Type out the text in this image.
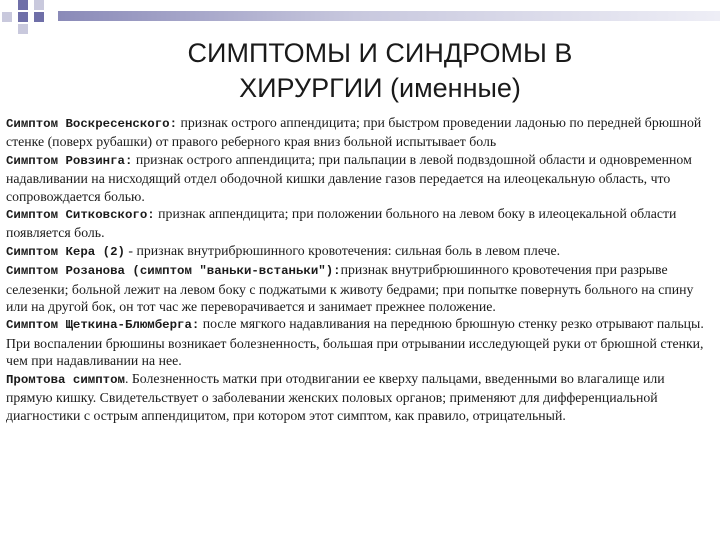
СИМПТОМЫ И СИНДРОМЫ В
ХИРУРГИИ (именные)

Симптом Воскресенского: признак острого аппендицита; при быстром проведении ладонью по передней брюшной стенке (поверх рубашки) от правого реберного края вниз больной испытывает боль

Симптом Ровзинга: признак острого аппендицита; при пальпации в левой подвздошной области и одновременном надавливании на нисходящий отдел ободочной кишки давление газов передается на илеоцекальную область, что сопровождается болью.

Симптом Ситковского: признак аппендицита; при положении больного на левом боку в илеоцекальной области появляется боль.

Симптом Кера (2) - признак внутрибрюшинного кровотечения: сильная боль в левом плече.

Симптом Розанова (симптом "ваньки-встаньки"):признак внутрибрюшинного кровотечения при разрыве селезенки; больной лежит на левом боку с поджатыми к животу бедрами; при попытке повернуть больного на спину или на другой бок, он тот час же переворачивается и занимает прежнее положение.

Симптом Щеткина-Блюмберга: после мягкого надавливания на переднюю брюшную стенку резко отрывают пальцы. При воспалении брюшины возникает болезненность, большая при отрывании исследующей руки от брюшной стенки, чем при надавливании на нее.

Промтова симптом. Болезненность матки при отодвигании ее кверху пальцами, введенными во влагалище или прямую кишку. Свидетельствует о заболевании женских половых органов; применяют для дифференциальной диагностики с острым аппендицитом, при котором этот симптом, как правило, отрицательный.
